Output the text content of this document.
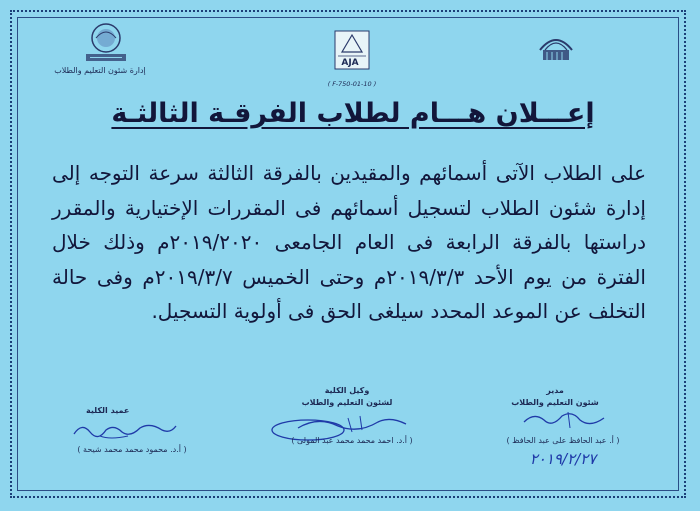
إدارة شئون التعليم والطلاب
AJA
( F-750-01-10 )
إعـــلان هـــام لطلاب الفرقـة الثالثـة
على الطلاب الآتى أسمائهم والمقيدين بالفرقة الثالثة سرعة التوجه إلى إدارة شئون الطلاب لتسجيل أسمائهم فى المقررات الإختيارية والمقرر دراستها بالفرقة الرابعة فى العام الجامعى ٢٠١٩/٢٠٢٠م وذلك خلال الفترة من يوم الأحد ٢٠١٩/٣/٣م وحتى الخميس ٢٠١٩/٣/٧م وفى حالة التخلف عن الموعد المحدد سيلغى الحق فى أولوية التسجيل.
عميد الكلية
( أ.د. محمود محمد محمد شيحة )
وكيل الكلية
لشئون التعليم والطلاب
( أ.د. احمد محمد محمد عبد المولى )
مدير
شئون التعليم والطلاب
( أ. عبد الحافظ على عبد الحافظ )
٢٠١٩/٢/٢٧
